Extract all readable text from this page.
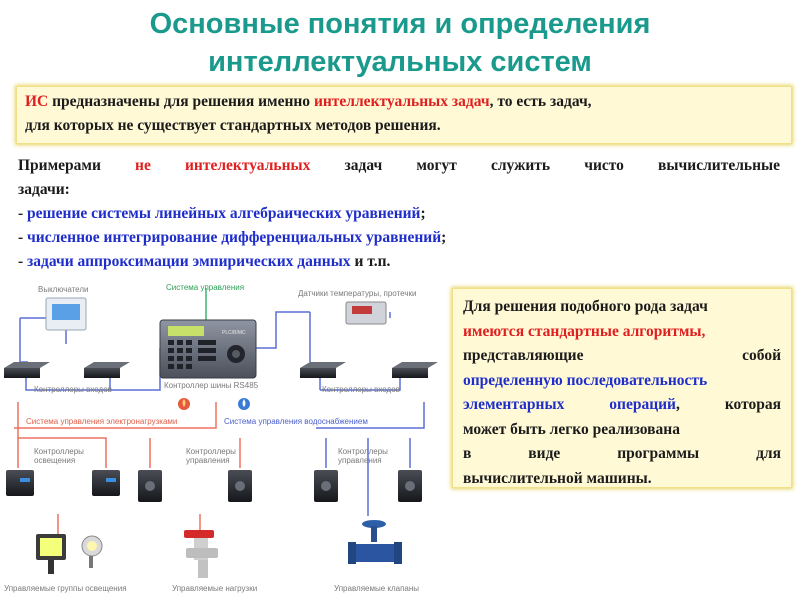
Основные понятия и определения
интеллектуальных систем
ИС предназначены для решения именно интеллектуальных задач, то есть задач,
для которых не существует стандартных методов решения.

Примерами не интелектуальных задач могут служить чисто вычислительные

задачи:

- решение системы линейных алгебраических уравнений;

- численное интегрирование дифференциальных уравнений;

- задачи аппроксимации эмпирических данных и т.п.

Выключатели	Система управления
Датчики температуры, протечки
Контроллеры входов	Контроллер шины RS485	Контроллеры входов
Система управления электронагрузками	Система управления водоснабжением
Контроллеры
освещения
Контроллеры
управления
Контроллеры
управления
Управляемые группы освещения	Управляемые нагрузки	Управляемые клапаны
PLC/B/MC
Для решения подобного рода задач
имеются стандартные алгоритмы,
представляющие	собой
определенную последовательность
элементарных операций, которая
может быть легко реализована
в виде	программы	для
вычислительной машины.
